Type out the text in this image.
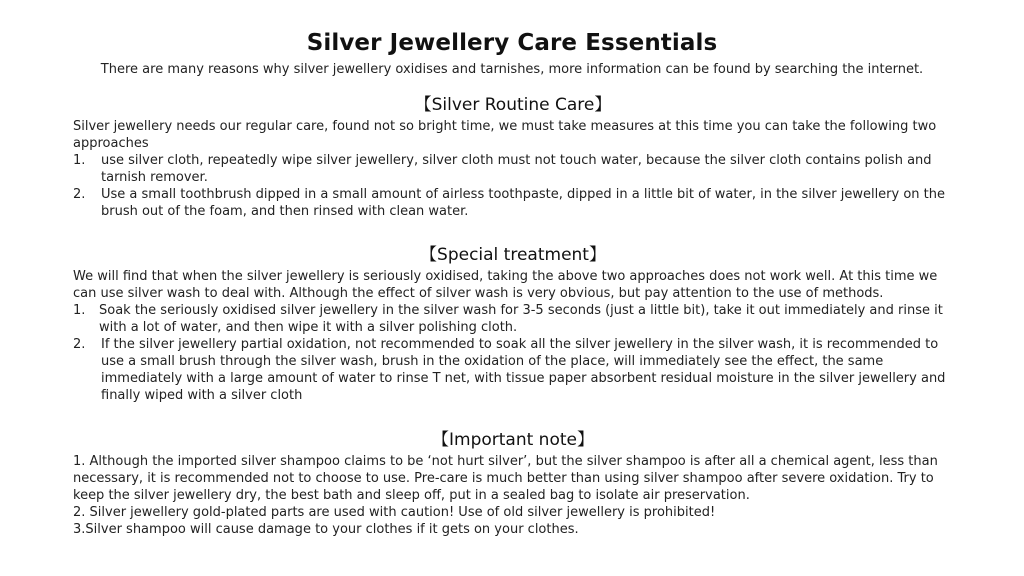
Silver Jewellery Care Essentials
There are many reasons why silver jewellery oxidises and tarnishes, more information can be found by searching the internet.
【Silver Routine Care】

Silver jewellery needs our regular care, found not so bright time, we must take measures at this time you can take the following two approaches

1.	use silver cloth, repeatedly wipe silver jewellery, silver cloth must not touch water, because the silver cloth contains polish and tarnish remover.
2.	Use a small toothbrush dipped in a small amount of airless toothpaste, dipped in a little bit of water, in the silver jewellery on the brush out of the foam, and then rinsed with clean water.
【Special treatment】

We will find that when the silver jewellery is seriously oxidised, taking the above two approaches does not work well. At this time we can use silver wash to deal with. Although the effect of silver wash is very obvious, but pay attention to the use of methods.

1.	Soak the seriously oxidised silver jewellery in the silver wash for 3-5 seconds (just a little bit), take it out immediately and rinse it with a lot of water, and then wipe it with a silver polishing cloth.
2.	If the silver jewellery partial oxidation, not recommended to soak all the silver jewellery in the silver wash, it is recommended to use a small brush through the silver wash, brush in the oxidation of the place, will immediately see the effect, the same immediately with a large amount of water to rinse T net, with tissue paper absorbent residual moisture in the silver jewellery and finally wiped with a silver cloth
【Important note】

1. Although the imported silver shampoo claims to be ‘not hurt silver’, but the silver shampoo is after all a chemical agent, less than necessary, it is recommended not to choose to use. Pre-care is much better than using silver shampoo after severe oxidation. Try to keep the silver jewellery dry, the best bath and sleep off, put in a sealed bag to isolate air preservation.

2. Silver jewellery gold-plated parts are used with caution! Use of old silver jewellery is prohibited!

3.Silver shampoo will cause damage to your clothes if it gets on your clothes.
